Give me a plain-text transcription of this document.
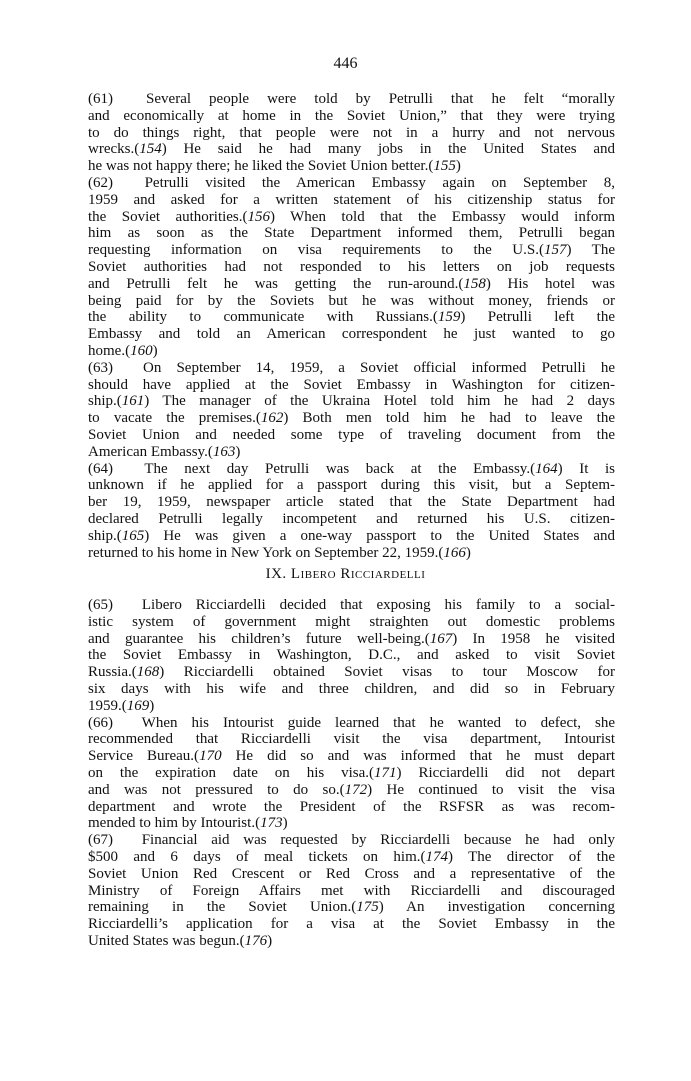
446
(61)  Several people were told by Petrulli that he felt “morally
and economically at home in the Soviet Union,” that they were trying
to do things right, that people were not in a hurry and not nervous
wrecks.(154) He said he had many jobs in the United States and
he was not happy there; he liked the Soviet Union better.(155)
(62)  Petrulli visited the American Embassy again on September 8,
1959 and asked for a written statement of his citizenship status for
the Soviet authorities.(156) When told that the Embassy would inform
him as soon as the State Department informed them, Petrulli began
requesting information on visa requirements to the U.S.(157) The
Soviet authorities had not responded to his letters on job requests
and Petrulli felt he was getting the run-around.(158) His hotel was
being paid for by the Soviets but he was without money, friends or
the ability to communicate with Russians.(159) Petrulli left the
Embassy and told an American correspondent he just wanted to go
home.(160)
(63)  On September 14, 1959, a Soviet official informed Petrulli he
should have applied at the Soviet Embassy in Washington for citizen-
ship.(161) The manager of the Ukraina Hotel told him he had 2 days
to vacate the premises.(162) Both men told him he had to leave the
Soviet Union and needed some type of traveling document from the
American Embassy.(163)
(64)  The next day Petrulli was back at the Embassy.(164) It is
unknown if he applied for a passport during this visit, but a Septem-
ber 19, 1959, newspaper article stated that the State Department had
declared Petrulli legally incompetent and returned his U.S. citizen-
ship.(165) He was given a one-way passport to the United States and
returned to his home in New York on September 22, 1959.(166)
IX. Libero Ricciardelli
(65)  Libero Ricciardelli decided that exposing his family to a social-
istic system of government might straighten out domestic problems
and guarantee his children’s future well-being.(167) In 1958 he visited
the Soviet Embassy in Washington, D.C., and asked to visit Soviet
Russia.(168) Ricciardelli obtained Soviet visas to tour Moscow for
six days with his wife and three children, and did so in February
1959.(169)
(66)  When his Intourist guide learned that he wanted to defect, she
recommended that Ricciardelli visit the visa department, Intourist
Service Bureau.(170 He did so and was informed that he must depart
on the expiration date on his visa.(171) Ricciardelli did not depart
and was not pressured to do so.(172) He continued to visit the visa
department and wrote the President of the RSFSR as was recom-
mended to him by Intourist.(173)
(67)  Financial aid was requested by Ricciardelli because he had only
$500 and 6 days of meal tickets on him.(174) The director of the
Soviet Union Red Crescent or Red Cross and a representative of the
Ministry of Foreign Affairs met with Ricciardelli and discouraged
remaining in the Soviet Union.(175) An investigation concerning
Ricciardelli’s application for a visa at the Soviet Embassy in the
United States was begun.(176)
